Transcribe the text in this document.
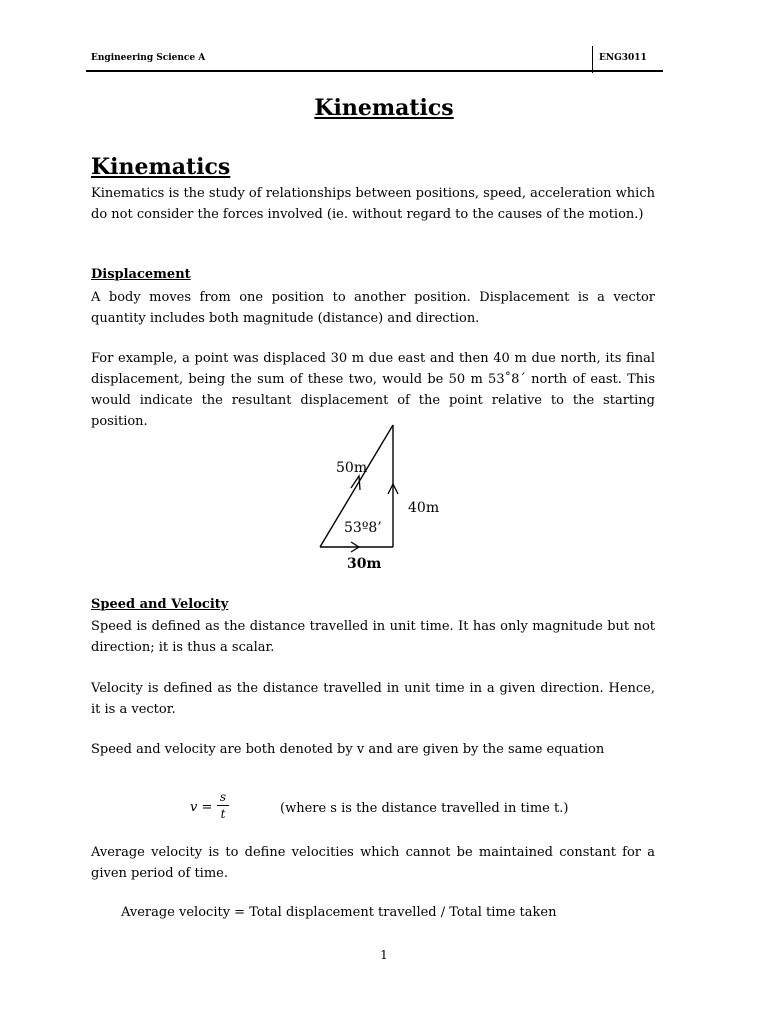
Engineering Science A	ENG3011
Kinematics
Kinematics

Kinematics is the study of relationships between positions, speed, acceleration which do not consider the forces involved (ie. without regard to the causes of the motion.)

Displacement

A body moves from one position to another position. Displacement is a vector quantity includes both magnitude (distance) and direction.

For example, a point was displaced 30 m due east and then 40 m due north, its final displacement, being the sum of these two, would be 50 m 53˚8΄ north of east. This would indicate the resultant displacement of the point relative to the starting position.

50m
40m
53º8’
30m
Speed and Velocity

Speed is defined as the distance travelled in unit time. It has only magnitude but not direction; it is thus a scalar.

Velocity is defined as the distance travelled in unit time in a given direction. Hence, it is a vector.

Speed and velocity are both denoted by v and are given by the same equation

v =
s
t	(where s is the distance travelled in time t.)

Average velocity is to define velocities which cannot be maintained constant for a given period of time.

Average velocity = Total displacement travelled / Total time taken
1
